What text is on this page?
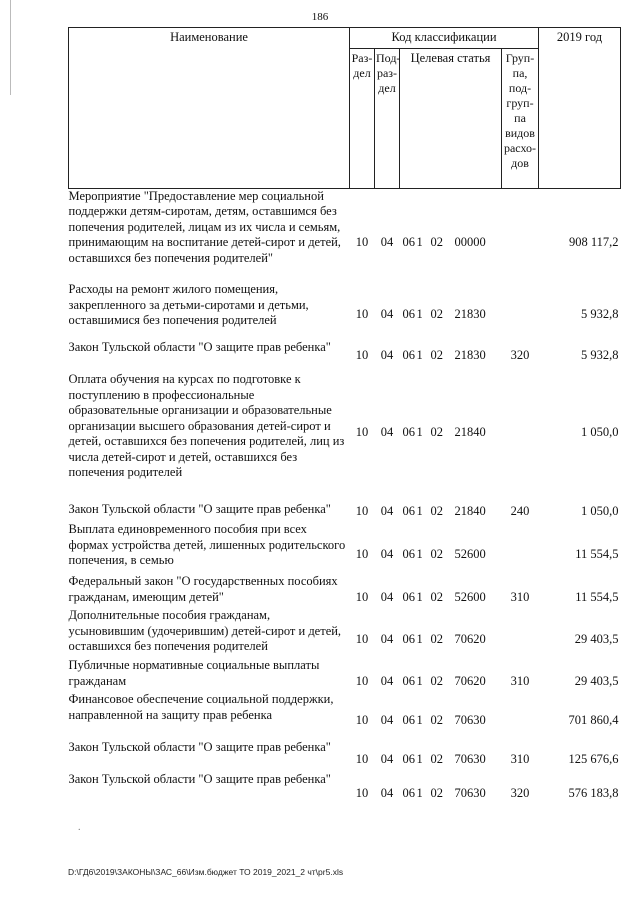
186
Наименование	Код классификации				2019 год
	Раз-дел	Под-раз-дел	Целевая статья	Груп-па, под-груп-па видов расхо-дов	
Мероприятие "Предоставление мер социальной поддержки детям-сиротам, детям, оставшимся без попечения родителей, лицам из их числа и семьям, принимающим на воспитание детей-сирот и детей, оставшихся без попечения родителей"	10	04	06 1 02 00000		908 117,2
Расходы на ремонт жилого помещения, закрепленного за детьми-сиротами и детьми, оставшимися без попечения родителей	10	04	06 1 02 21830		5 932,8
Закон Тульской области "О защите прав ребенка"	10	04	06 1 02 21830	320	5 932,8
Оплата обучения на курсах по подготовке к поступлению в профессиональные образовательные организации и образовательные организации высшего образования детей-сирот и детей, оставшихся без попечения родителей, лиц из числа детей-сирот и детей, оставшихся без попечения родителей	10	04	06 1 02 21840		1 050,0
Закон Тульской области "О защите прав ребенка"	10	04	06 1 02 21840	240	1 050,0
Выплата единовременного пособия при всех формах устройства детей, лишенных родительского попечения, в семью	10	04	06 1 02 52600		11 554,5
Федеральный закон "О государственных пособиях гражданам, имеющим детей"	10	04	06 1 02 52600	310	11 554,5
Дополнительные пособия гражданам, усыновившим (удочерившим) детей-сирот и детей, оставшихся без попечения родителей	10	04	06 1 02 70620		29 403,5
Публичные нормативные социальные выплаты гражданам	10	04	06 1 02 70620	310	29 403,5
Финансовое обеспечение социальной поддержки, направленной на защиту прав ребенка	10	04	06 1 02 70630		701 860,4
Закон Тульской области "О защите прав ребенка"	10	04	06 1 02 70630	310	125 676,6
Закон Тульской области "О защите прав ребенка"	10	04	06 1 02 70630	320	576 183,8
.
D:\ГД6\2019\ЗАКОНЫ\ЗАС_66\Изм.бюджет ТО 2019_2021_2 чт\pr5.xls
